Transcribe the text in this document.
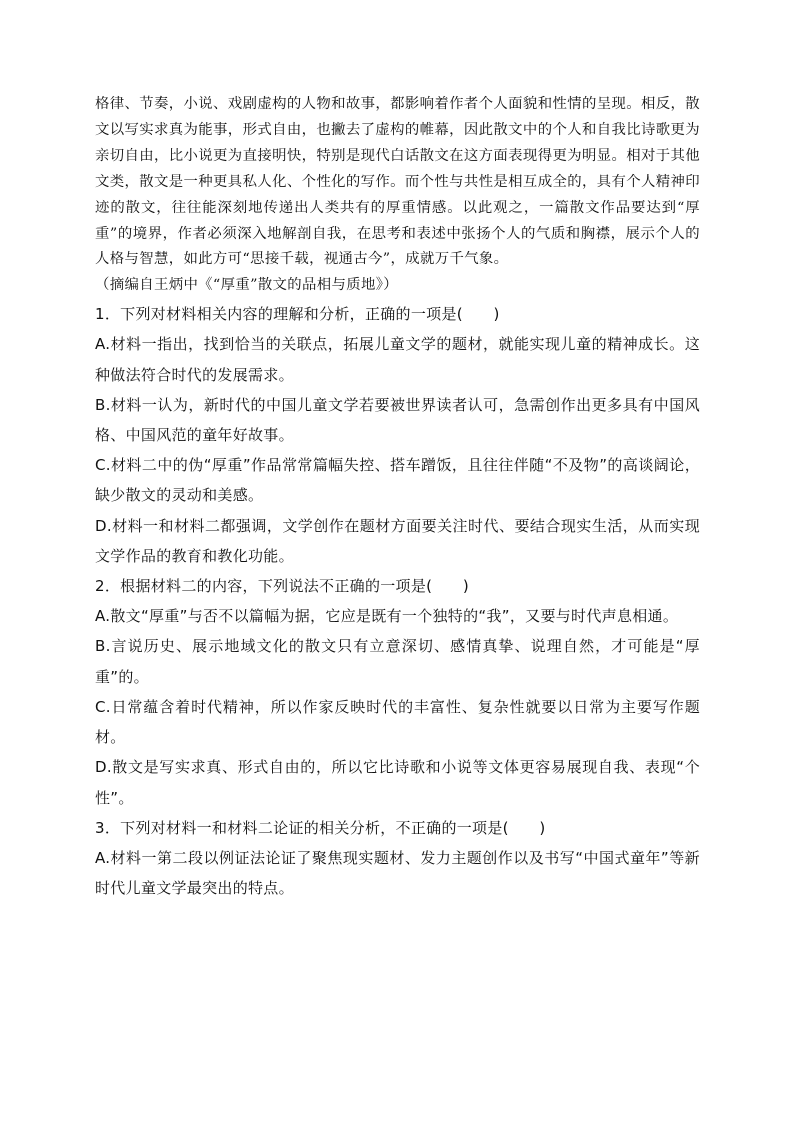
格律、节奏，小说、戏剧虚构的人物和故事，都影响着作者个人面貌和性情的呈现。相反，散文以写实求真为能事，形式自由，也撇去了虚构的帷幕，因此散文中的个人和自我比诗歌更为亲切自由，比小说更为直接明快，特别是现代白话散文在这方面表现得更为明显。相对于其他文类，散文是一种更具私人化、个性化的写作。而个性与共性是相互成全的，具有个人精神印迹的散文，往往能深刻地传递出人类共有的厚重情感。以此观之，一篇散文作品要达到“厚重”的境界，作者必须深入地解剖自我，在思考和表述中张扬个人的气质和胸襟，展示个人的人格与智慧，如此方可“思接千载，视通古今”，成就万千气象。

（摘编自王炳中《“厚重”散文的品相与质地》）

1．下列对材料相关内容的理解和分析，正确的一项是(　　)

A.材料一指出，找到恰当的关联点，拓展儿童文学的题材，就能实现儿童的精神成长。这种做法符合时代的发展需求。

B.材料一认为，新时代的中国儿童文学若要被世界读者认可，急需创作出更多具有中国风格、中国风范的童年好故事。

C.材料二中的伪“厚重”作品常常篇幅失控、搭车蹭饭，且往往伴随“不及物”的高谈阔论，缺少散文的灵动和美感。

D.材料一和材料二都强调，文学创作在题材方面要关注时代、要结合现实生活，从而实现文学作品的教育和教化功能。

2．根据材料二的内容，下列说法不正确的一项是(　　)

A.散文“厚重”与否不以篇幅为据，它应是既有一个独特的“我”，又要与时代声息相通。

B.言说历史、展示地域文化的散文只有立意深切、感情真挚、说理自然，才可能是“厚重”的。

C.日常蕴含着时代精神，所以作家反映时代的丰富性、复杂性就要以日常为主要写作题材。

D.散文是写实求真、形式自由的，所以它比诗歌和小说等文体更容易展现自我、表现“个性”。

3．下列对材料一和材料二论证的相关分析，不正确的一项是(　　)

A.材料一第二段以例证法论证了聚焦现实题材、发力主题创作以及书写“中国式童年”等新时代儿童文学最突出的特点。
